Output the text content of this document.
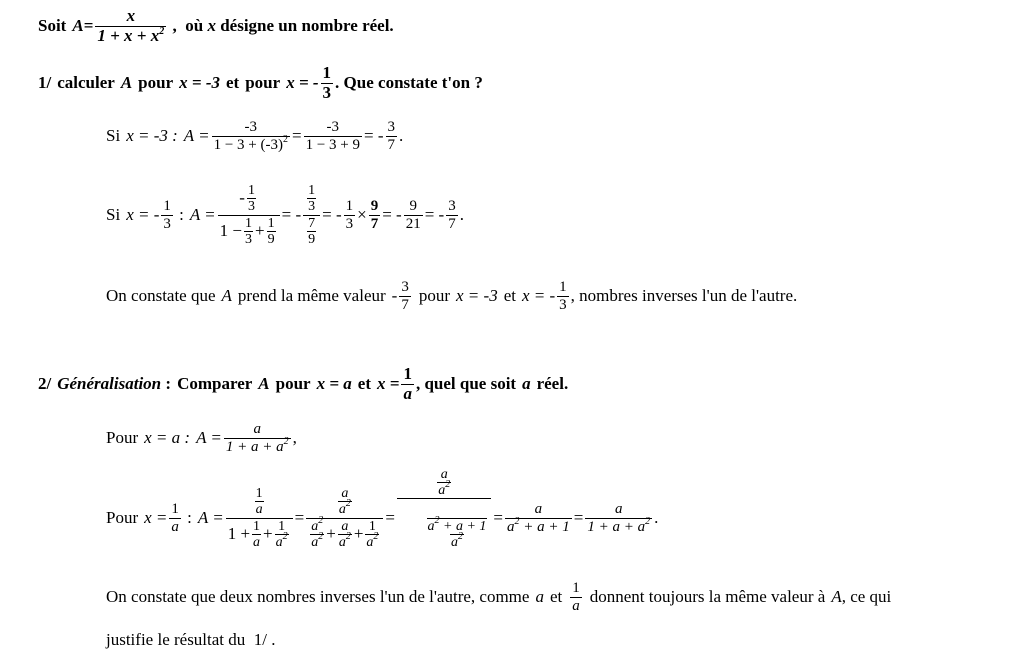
Soit $A = \frac{x}{1 + x + x^2}$ ,  où x désigne un nombre réel.
1/ calculer A pour x = -3 et pour x = - $\frac{1}{3}$ . Que constate t'on ?
Si x = -3 : $A = \frac{-3}{1 - 3 + (-3)^2} = \frac{-3}{1 - 3 + 9}$ = - $\frac{3}{7}$ .
Si x = - $\frac{1}{3}$ : $A = \frac{- \frac{1}{3}}{1 - \frac{1}{3} + \frac{1}{9}}$ = - $\frac{\frac{1}{3}}{\frac{7}{9}}$ = - $\frac{1}{3} \times \frac{9}{7}$ = - $\frac{9}{21}$ = - $\frac{3}{7}$ .
On constate que A prend la même valeur - $\frac{3}{7}$ pour x = -3 et x = - $\frac{1}{3}$ , nombres inverses l'un de l'autre.
2/ Généralisation : Comparer A pour x = a et $x = \frac{1}{a}$ , quel que soit a réel.
Pour x = a : $A = \frac{a}{1 + a + a^2}$ ,
Pour $x = \frac{1}{a}$ : $A = \frac{\frac{1}{a}}{1 + \frac{1}{a} + \frac{1}{a^2}} = \frac{\frac{a}{a^2}}{\frac{a^2}{a^2} + \frac{a}{a^2} + \frac{1}{a^2}} = \frac{\frac{a}{a^2}}{\frac{a^2 + a + 1}{a^2}}$

= $\frac{a}{a^2 + a + 1} = \frac{a}{1 + a + a^2}$ .
On constate que deux nombres inverses l'un de l'autre, comme a et $\frac{1}{a}$ donnent toujours la même valeur à A , ce qui
justifie le résultat du  1/ .
